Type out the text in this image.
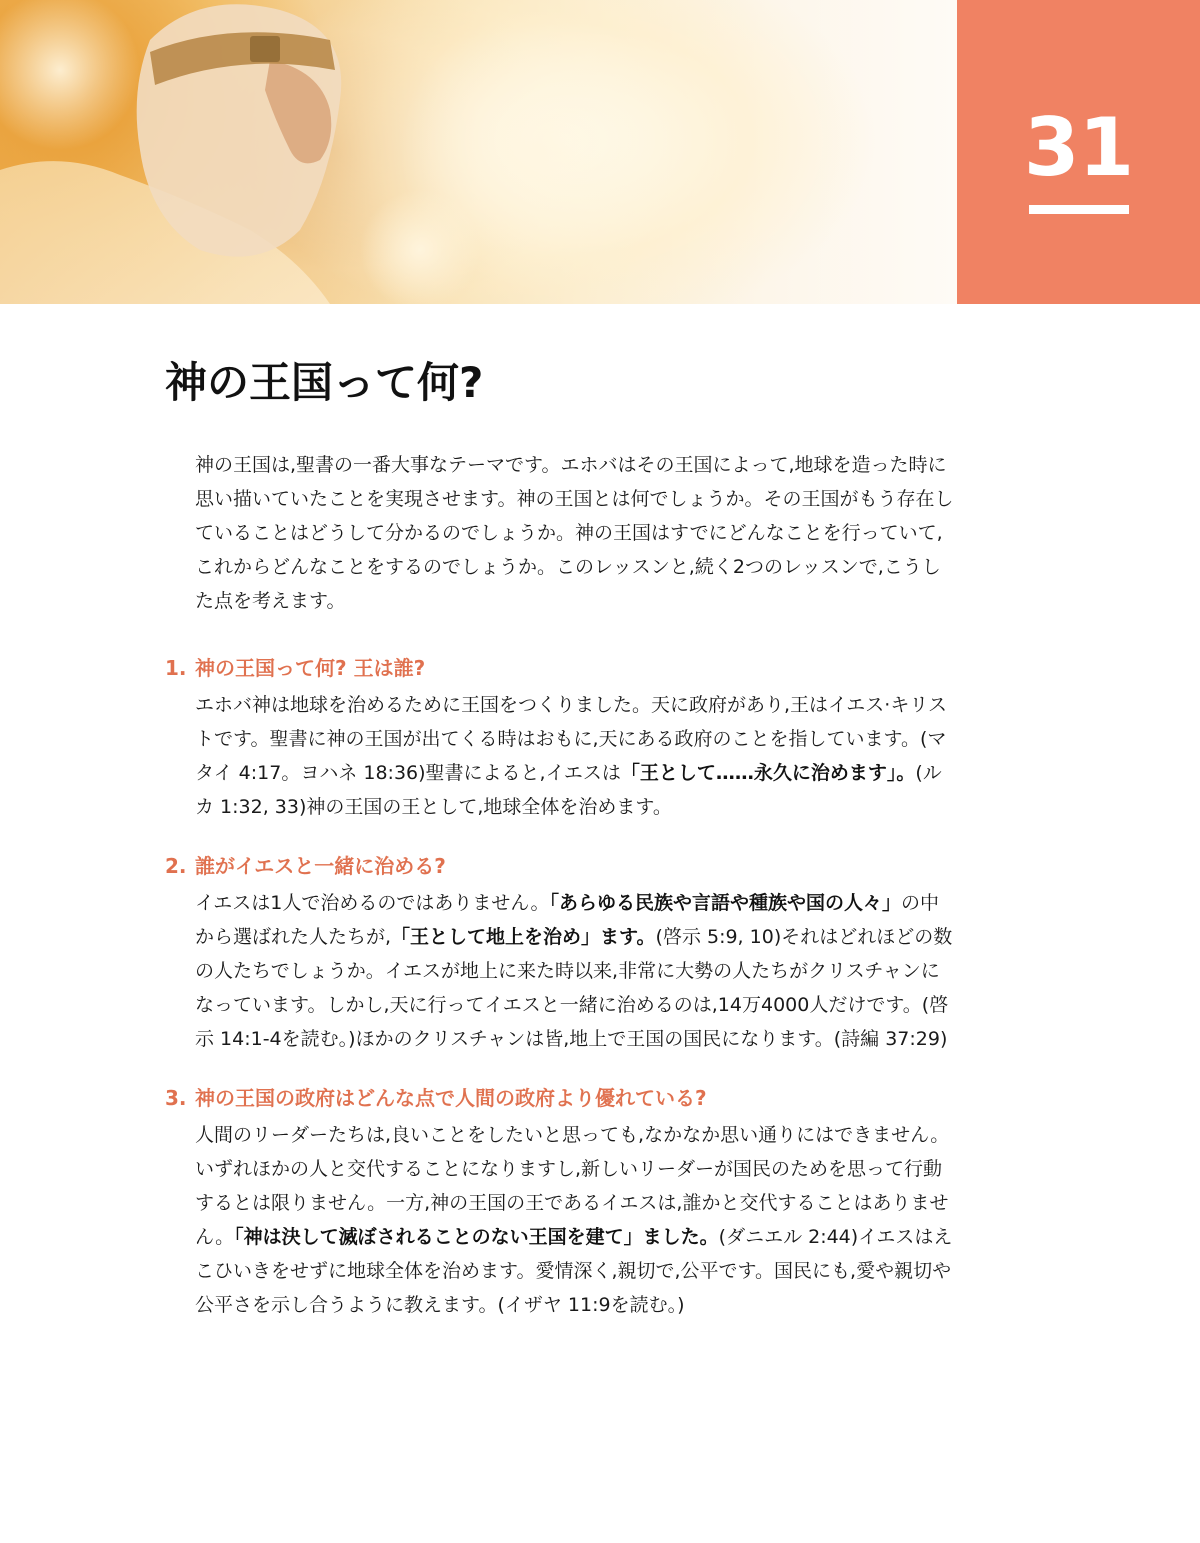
31
神の王国って何?

神の王国は,聖書の一番大事なテーマです。エホバはその王国によって,地球を造った時に思い描いていたことを実現させます。神の王国とは何でしょうか。その王国がもう存在していることはどうして分かるのでしょうか。神の王国はすでにどんなことを行っていて,これからどんなことをするのでしょうか。このレッスンと,続く2つのレッスンで,こうした点を考えます。

1. 神の王国って何? 王は誰?

エホバ神は地球を治めるために王国をつくりました。天に政府があり,王はイエス·キリストです。聖書に神の王国が出てくる時はおもに,天にある政府のことを指しています。(マタイ 4:17。ヨハネ 18:36)聖書によると,イエスは「王として……永久に治めます」。(ルカ 1:32, 33)神の王国の王として,地球全体を治めます。

2. 誰がイエスと一緒に治める?

イエスは1人で治めるのではありません。「あらゆる民族や言語や種族や国の人々」の中から選ばれた人たちが,「王として地上を治め」ます。(啓示 5:9, 10)それはどれほどの数の人たちでしょうか。イエスが地上に来た時以来,非常に大勢の人たちがクリスチャンになっています。しかし,天に行ってイエスと一緒に治めるのは,14万4000人だけです。(啓示 14:1-4を読む。)ほかのクリスチャンは皆,地上で王国の国民になります。(詩編 37:29)

3. 神の王国の政府はどんな点で人間の政府より優れている?

人間のリーダーたちは,良いことをしたいと思っても,なかなか思い通りにはできません。いずれほかの人と交代することになりますし,新しいリーダーが国民のためを思って行動するとは限りません。一方,神の王国の王であるイエスは,誰かと交代することはありません。「神は決して滅ぼされることのない王国を建て」ました。(ダニエル 2:44)イエスはえこひいきをせずに地球全体を治めます。愛情深く,親切で,公平です。国民にも,愛や親切や公平さを示し合うように教えます。(イザヤ 11:9を読む。)
